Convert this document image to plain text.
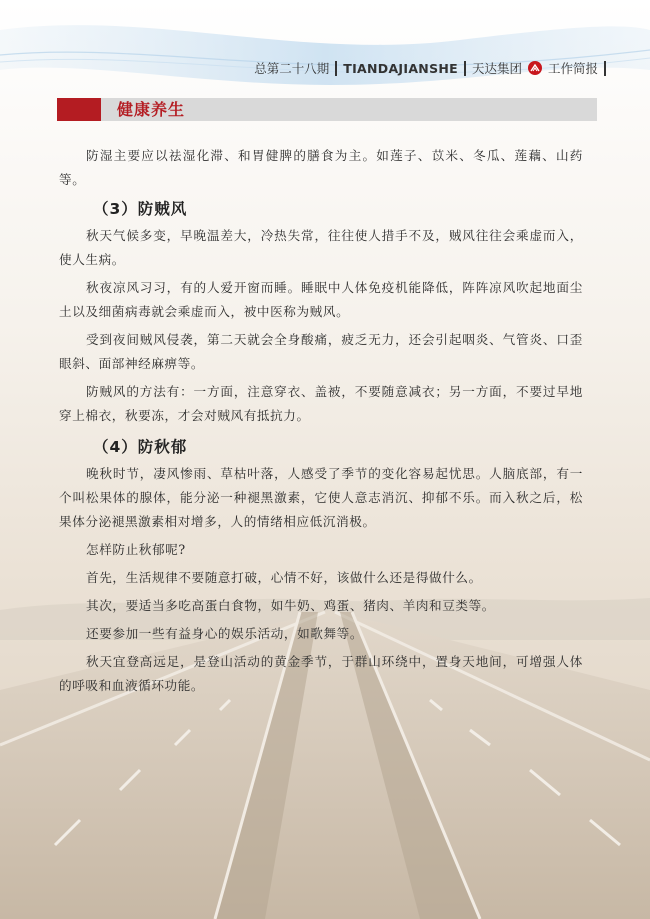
总第二十八期 TIANDAJIANSHE 天达集团 工作简报
健康养生

防湿主要应以祛湿化滞、和胃健脾的膳食为主。如莲子、苡米、冬瓜、莲藕、山药等。

（3）防贼风

秋天气候多变，早晚温差大，冷热失常，往往使人措手不及，贼风往往会乘虚而入，使人生病。

秋夜凉风习习，有的人爱开窗而睡。睡眠中人体免疫机能降低，阵阵凉风吹起地面尘土以及细菌病毒就会乘虚而入，被中医称为贼风。

受到夜间贼风侵袭，第二天就会全身酸痛，疲乏无力，还会引起咽炎、气管炎、口歪眼斜、面部神经麻痹等。

防贼风的方法有：一方面，注意穿衣、盖被，不要随意减衣；另一方面，不要过早地穿上棉衣，秋要冻，才会对贼风有抵抗力。

（4）防秋郁

晚秋时节，凄风惨雨、草枯叶落，人感受了季节的变化容易起忧思。人脑底部，有一个叫松果体的腺体，能分泌一种褪黑激素，它使人意志消沉、抑郁不乐。而入秋之后，松果体分泌褪黑激素相对增多，人的情绪相应低沉消极。

怎样防止秋郁呢?

首先，生活规律不要随意打破，心情不好，该做什么还是得做什么。

其次，要适当多吃高蛋白食物，如牛奶、鸡蛋、猪肉、羊肉和豆类等。

还要参加一些有益身心的娱乐活动，如歌舞等。

秋天宜登高远足，是登山活动的黄金季节，于群山环绕中，置身天地间，可增强人体的呼吸和血液循环功能。
